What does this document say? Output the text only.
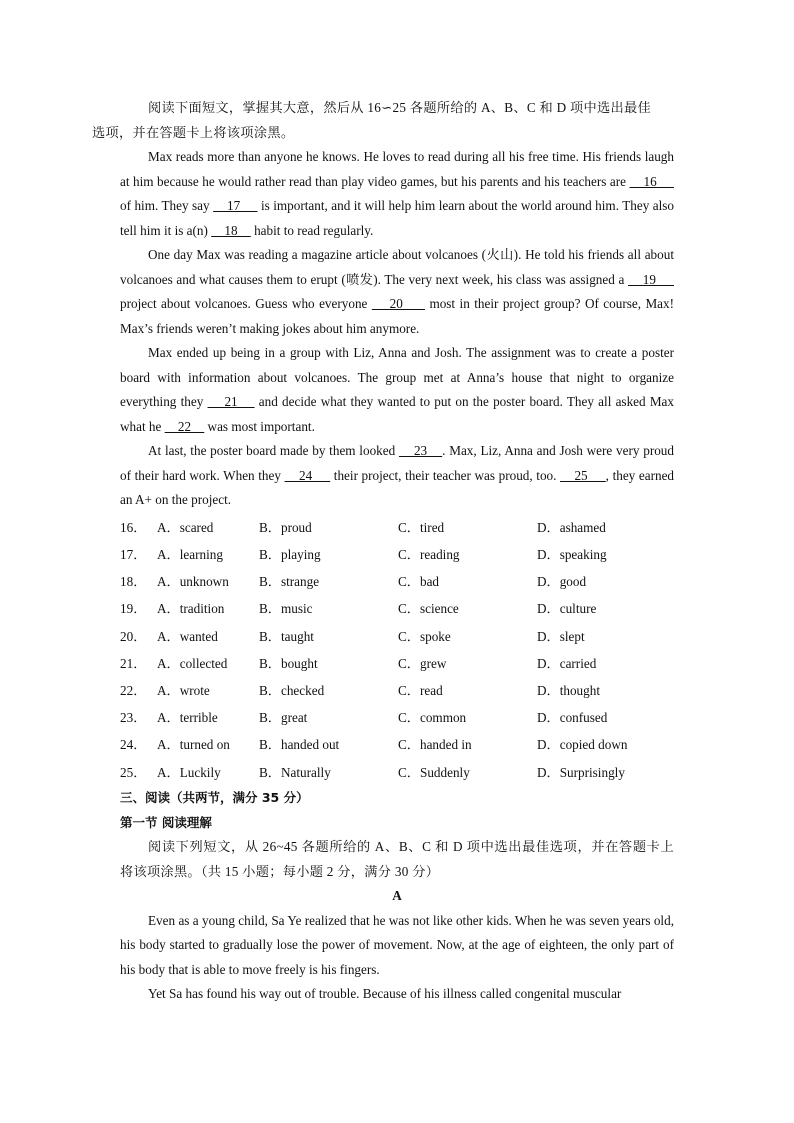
阅读下面短文，掌握其大意，然后从 16∽25 各题所给的 A、B、C 和 D 项中选出最佳
选项，并在答题卡上将该项涂黑。

Max reads more than anyone he knows. He loves to read during all his free time. His friends laugh at him because he would rather read than play video games, but his parents and his teachers are     16      of him. They say     17      is important, and it will help him learn about the world around him. They also tell him it is a(n)     18     habit to read regularly.

One day Max was reading a magazine article about volcanoes (火山). He told his friends all about volcanoes and what causes them to erupt (喷发). The very next week, his class was assigned a     19      project about volcanoes. Guess who everyone     20      most in their project group? Of course, Max! Max’s friends weren’t making jokes about him anymore.

Max ended up being in a group with Liz, Anna and Josh. The assignment was to create a poster board with information about volcanoes. The group met at Anna’s house that night to organize everything they     21     and decide what they wanted to put on the poster board. They all asked Max what he     22     was most important.

At last, the poster board made by them looked     23    . Max, Liz, Anna and Josh were very proud of their hard work. When they     24      their project, their teacher was proud, too.     25     , they earned an A+ on the project.

16． A．scared	B．proud	C．tired	D．ashamed
17． A．learning	B．playing	C．reading	D．speaking
18． A．unknown	B．strange	C．bad	D．good
19． A．tradition	B．music	C．science	D．culture
20． A．wanted	B．taught	C．spoke	D．slept
21． A．collected	B．bought	C．grew	D．carried
22． A．wrote	B．checked	C．read	D．thought
23． A．terrible	B．great	C．common	D．confused
24． A．turned on	B．handed out	C．handed in	D．copied down
25． A．Luckily	B．Naturally	C．Suddenly	D．Surprisingly

三、阅读（共两节，满分 35 分）

第一节 阅读理解

阅读下列短文，从 26~45 各题所给的 A、B、C 和 D 项中选出最佳选项，并在答题卡上将该项涂黑。（共 15 小题；每小题 2 分，满分 30 分）

A

Even as a young child, Sa Ye realized that he was not like other kids. When he was seven years old, his body started to gradually lose the power of movement. Now, at the age of eighteen, the only part of his body that is able to move freely is his fingers.

Yet Sa has found his way out of trouble. Because of his illness called congenital muscular
